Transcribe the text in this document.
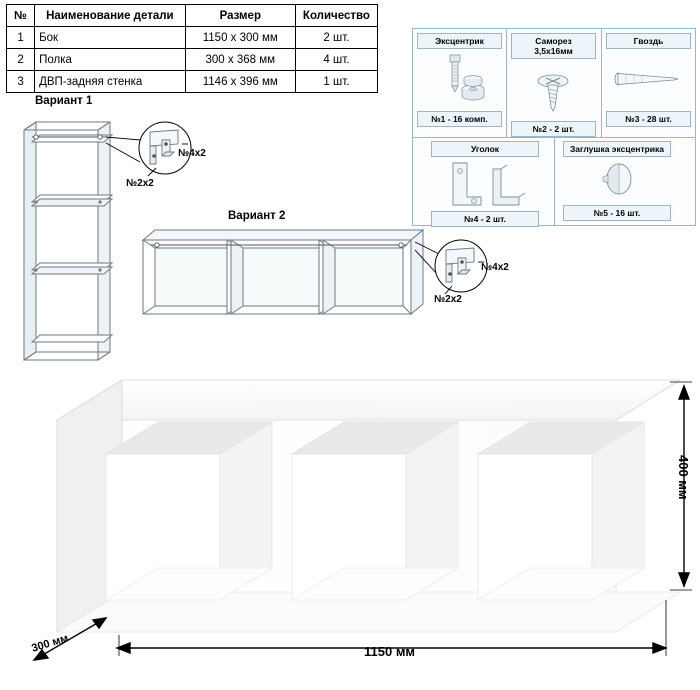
№	Наименование детали	Размер	Количество
1	Бок	1150 х 300 мм	2 шт.
2	Полка	300 х 368 мм	4 шт.
3	ДВП-задняя стенка	1146 х 396 мм	1 шт.
Эксцентрик
№1 - 16 комп.
Саморез 3,5х16мм
№2 - 2 шт.
Гвоздь
№3 - 28 шт.
Уголок
№4 - 2 шт.
Заглушка эксцентрика
№5 - 16 шт.
Вариант 1
№4х2
№2х2
Вариант 2
№4х2
№2х2
1150 мм
400 мм
300 мм
